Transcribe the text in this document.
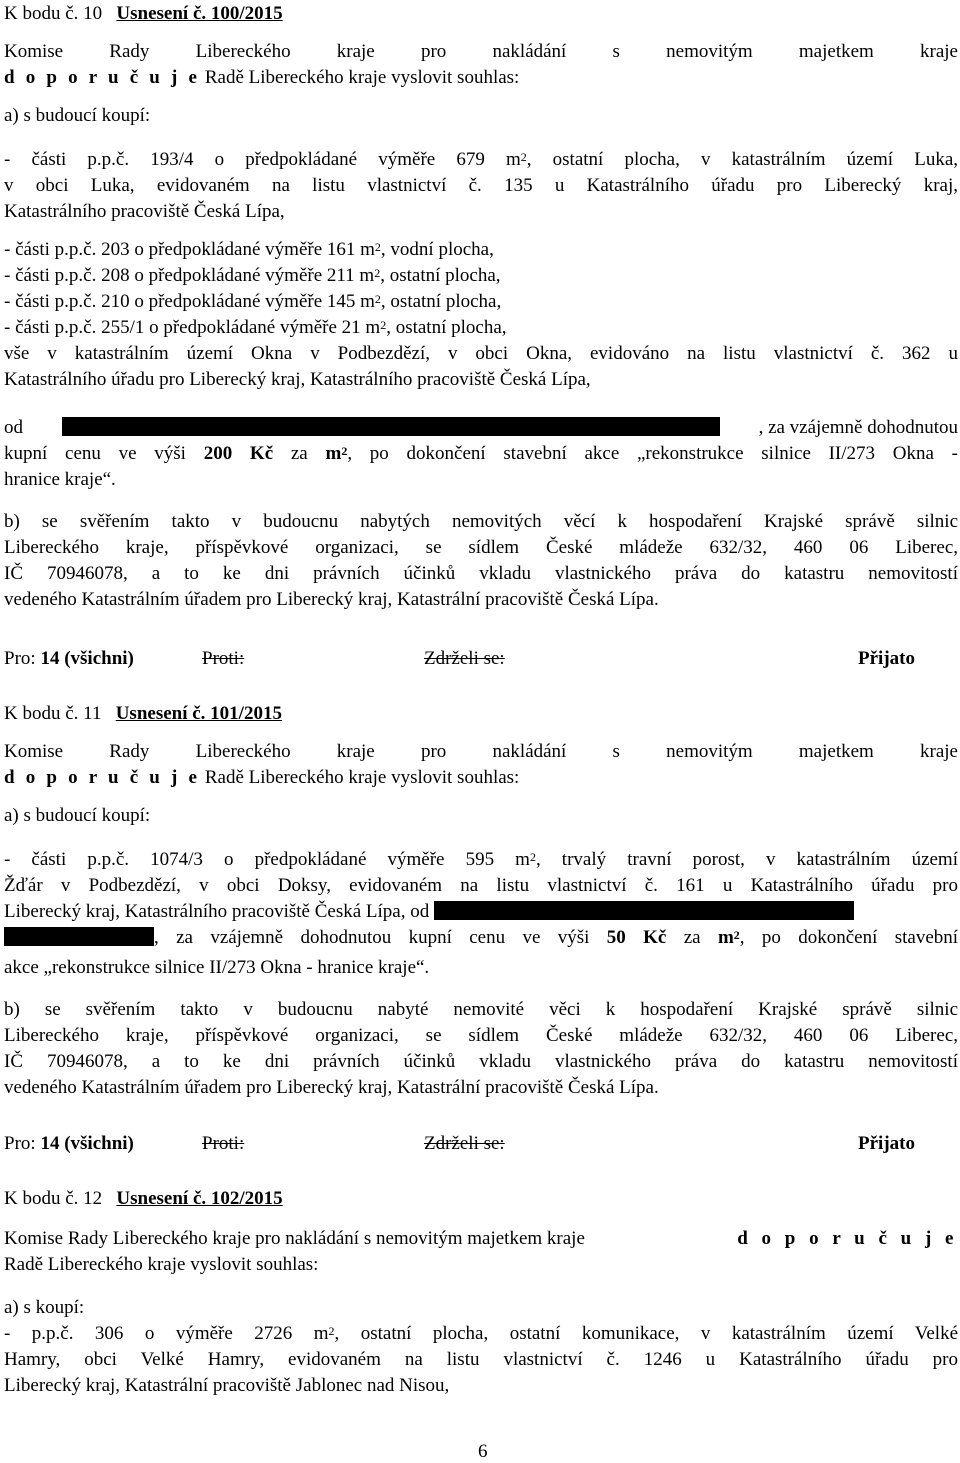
K bodu č. 10 Usnesení č. 100/2015
Komise Rady Libereckého kraje pro nakládání s nemovitým majetkem kraje
d o p o r u č u j e Radě Libereckého kraje vyslovit souhlas:
a) s budoucí koupí:
- části p.p.č. 193/4 o předpokládané výměře 679 $m^2$, ostatní plocha, v katastrálním území Luka,
v obci Luka, evidovaném na listu vlastnictví č. 135 u Katastrálního úřadu pro Liberecký kraj,
Katastrálního pracoviště Česká Lípa,
- části p.p.č. 203 o předpokládané výměře 161 $m^2$, vodní plocha,
- části p.p.č. 208 o předpokládané výměře 211 $m^2$, ostatní plocha,
- části p.p.č. 210 o předpokládané výměře 145 $m^2$, ostatní plocha,
- části p.p.č. 255/1 o předpokládané výměře 21 $m^2$, ostatní plocha,
vše v katastrálním území Okna v Podbezdězí, v obci Okna, evidováno na listu vlastnictví č. 362 u
Katastrálního úřadu pro Liberecký kraj, Katastrálního pracoviště Česká Lípa,
od	, za vzájemně dohodnutou
kupní cenu ve výši 200 Kč za $m^2$, po dokončení stavební akce „rekonstrukce silnice II/273 Okna -
hranice kraje“.
b) se svěřením takto v budoucnu nabytých nemovitých věcí k hospodaření Krajské správě silnic
Libereckého kraje, příspěvkové organizaci, se sídlem České mládeže 632/32, 460 06 Liberec,
IČ 70946078, a to ke dni právních účinků vkladu vlastnického práva do katastru nemovitostí
vedeného Katastrálním úřadem pro Liberecký kraj, Katastrální pracoviště Česká Lípa.
Pro: 14 (všichni)	Proti:	Zdrželi se:	Přijato
K bodu č. 11 Usnesení č. 101/2015
Komise Rady Libereckého kraje pro nakládání s nemovitým majetkem kraje
d o p o r u č u j e Radě Libereckého kraje vyslovit souhlas:
a) s budoucí koupí:
- části p.p.č. 1074/3 o předpokládané výměře 595 $m^2$, trvalý travní porost, v katastrálním území
Žďár v Podbezdězí, v obci Doksy, evidovaném na listu vlastnictví č. 161 u Katastrálního úřadu pro
Liberecký kraj, Katastrálního pracoviště Česká Lípa, od
, za vzájemně dohodnutou kupní cenu ve výši 50 Kč za $m^2$, po dokončení stavební
akce „rekonstrukce silnice II/273 Okna - hranice kraje“.
b) se svěřením takto v budoucnu nabyté nemovité věci k hospodaření Krajské správě silnic
Libereckého kraje, příspěvkové organizaci, se sídlem České mládeže 632/32, 460 06 Liberec,
IČ 70946078, a to ke dni právních účinků vkladu vlastnického práva do katastru nemovitostí
vedeného Katastrálním úřadem pro Liberecký kraj, Katastrální pracoviště Česká Lípa.
Pro: 14 (všichni)	Proti:	Zdrželi se:	Přijato
K bodu č. 12 Usnesení č. 102/2015
Komise Rady Libereckého kraje pro nakládání s nemovitým majetkem kraje	d o p o r u č u j e
Radě Libereckého kraje vyslovit souhlas:
a) s koupí:
- p.p.č. 306 o výměře 2726 $m^2$, ostatní plocha, ostatní komunikace, v katastrálním území Velké
Hamry, obci Velké Hamry, evidovaném na listu vlastnictví č. 1246 u Katastrálního úřadu pro
Liberecký kraj, Katastrální pracoviště Jablonec nad Nisou,
6
